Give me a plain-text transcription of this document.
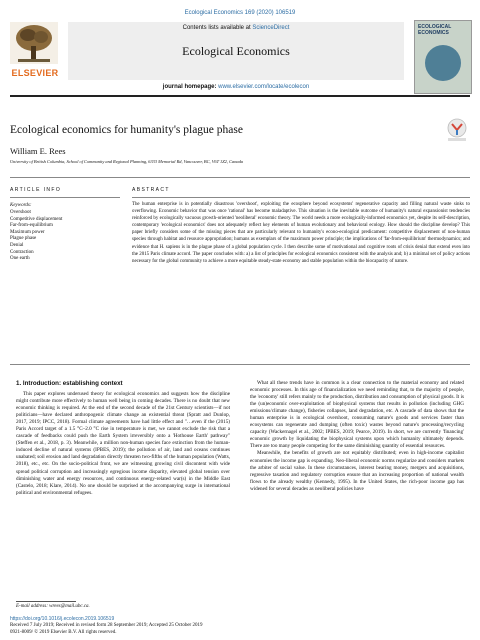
Ecological Economics 169 (2020) 106519
ELSEVIER
Contents lists available at ScienceDirect
Ecological Economics
ECOLOGICAL
ECONOMICS
journal homepage: www.elsevier.com/locate/ecolecon
Ecological economics for humanity's plague phase
William E. Rees
University of British Columbia, School of Community and Regional Planning, 6333 Memorial Rd, Vancouver, BC, V6T 1Z2, Canada
ARTICLE INFO	ABSTRACT
Keywords:
Overshoot
Competitive displacement
Far-from-equilibrium
Maximum power
Plague phase
Denial
Contraction
One earth
The human enterprise is in potentially disastrous 'overshoot', exploiting the ecosphere beyond ecosystems' regenerative capacity and filling natural waste sinks to overflowing. Economic behavior that was once 'rational' has become maladaptive. This situation is the inevitable outcome of humanity's natural expansionist tendencies reinforced by ecologically vacuous growth-oriented 'neoliberal' economic theory. The world needs a more ecologically-informed economics yet, despite its self-description, contemporary 'ecological economics' does not adequately reflect key elements of human evolutionary and behavioral ecology. How should the discipline develop? This paper briefly considers some of the missing pieces that are particularly relevant to humanity's econo-ecological predicament: competitive displacement of non-human species through habitat and resource appropriation; humans as exemplars of the maximum power principle; the implications of 'far-from-equilibrium' thermodynamics; and evidence that H. sapiens is in the plague phase of a global population cycle. I then describe some of motivational and cognitive roots of crisis denial that extend even into the 2015 Paris climate accord. The paper concludes with: a) a list of principles for ecological economics consistent with the analysis and; b) a minimal set of policy actions necessary for the global community to achieve a more equitable steady-state economy and stable population within the biocapacity of nature.
1. Introduction: establishing context

This paper explores underused theory for ecological economics and suggests how the discipline might contribute more effectively to human well being in coming decades. There is no doubt that new economic thinking is required. At the end of the second decade of the 21st Century scientists—if not politicians—have declared anthropogenic climate change an existential threat (Spratt and Dunlop, 2017, 2019; IPCC, 2018). Formal climate agreements have had little effect and "…even if the (2015) Paris Accord target of a 1.5 °C–2.0 °C rise in temperature is met, we cannot exclude the risk that a cascade of feedbacks could push the Earth System irreversibly onto a 'Hothouse Earth' pathway" (Steffen et al., 2018, p. 3). Meanwhile, a million non-human species face extinction from the human-induced decline of natural systems (IPBES, 2019); the pollution of air, land and oceans continues unabated; soil erosion and land degradation directly threaten two-fifths of the human population (Watts, 2018), etc., etc. On the socio-political front, we are witnessing growing civil discontent with wide spread political corruption and increasingly egregious income disparity, elevated global tension over diminishing water and energy resources, and continuous energy-related war(s) in the Middle East (Castelo, 2018; Klare, 2014). No one should be surprised at the accompanying surge in international political and environmental refugees.

What all these trends have in common is a clear connection to the material economy and related economic processes. In this age of financialization we need reminding that, to the majority of people, the 'economy' still refers mainly to the production, distribution and consumption of physical goods. It is the (un)economic over-exploitation of biophysical systems that results in pollution (including GHG emissions/climate change), fisheries collapses, land degradation, etc. A cascade of data shows that the human enterprise is in ecological overshoot, consuming nature's goods and services faster than ecosystems can regenerate and dumping (often toxic) wastes beyond nature's processing/recycling capacity (Wackernagel et al., 2002; IPBES, 2019; Pearce, 2019). In short, we are currently 'financing' economic growth by liquidating the biophysical systems upon which humanity ultimately depends. There are too many people competing for the same diminishing quantity of essential resources.

Meanwhile, the benefits of growth are not equitably distributed; even in high-income capitalist economies the income gap is expanding. Neo-liberal economic norms regularize and considers markets the arbiter of social value. In these circumstances, interest bearing money, mergers and acquisitions, regressive taxation and regulatory corruption ensure that an increasing proportion of national wealth flows to the already wealthy (Kennedy, 1995). In the United States, the rich-poor income gap has widened for several decades as neoliberal policies have

E-mail address: wrees@mail.ubc.ca.
https://doi.org/10.1016/j.ecolecon.2019.106519
Received 7 July 2019; Received in revised form 28 September 2019; Accepted 25 October 2019
0921-8009/ © 2019 Elsevier B.V. All rights reserved.
